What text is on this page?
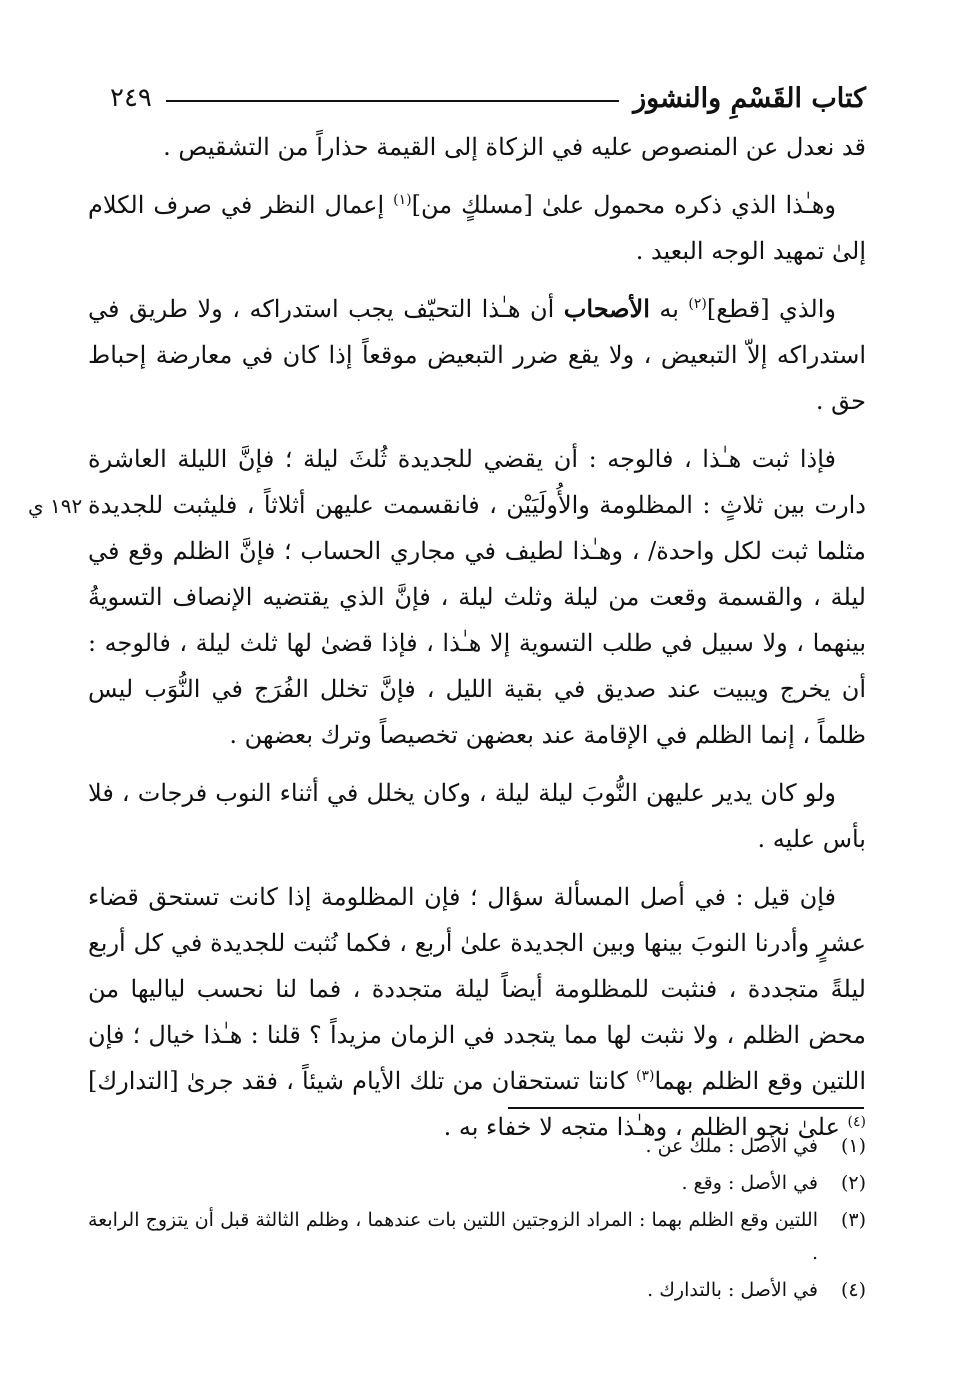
كتاب القَسْمِ والنشوز
٢٤٩
١٩٢ ي

قد نعدل عن المنصوص عليه في الزكاة إلى القيمة حذاراً من التشقيص .

وهـٰذا الذي ذكره محمول علىٰ [مسلكٍ من]$^{(١)}$ إعمال النظر في صرف الكلام إلىٰ تمهيد الوجه البعيد .

والذي [قطع]$^{(٢)}$ به الأصحاب أن هـٰذا التحيّف يجب استدراكه ، ولا طريق في استدراكه إلاّ التبعيض ، ولا يقع ضرر التبعيض موقعاً إذا كان في معارضة إحباط حق .

فإذا ثبت هـٰذا ، فالوجه : أن يقضي للجديدة ثُلثَ ليلة ؛ فإنَّ الليلة العاشرة دارت بين ثلاثٍ : المظلومة والأُولَيَيْن ، فانقسمت عليهن أثلاثاً ، فليثبت للجديدة مثلما ثبت لكل واحدة/ ، وهـٰذا لطيف في مجاري الحساب ؛ فإنَّ الظلم وقع في ليلة ، والقسمة وقعت من ليلة وثلث ليلة ، فإنَّ الذي يقتضيه الإنصاف التسويةُ بينهما ، ولا سبيل في طلب التسوية إلا هـٰذا ، فإذا قضىٰ لها ثلث ليلة ، فالوجه : أن يخرج ويبيت عند صديق في بقية الليل ، فإنَّ تخلل الفُرَج في النُّوَب ليس ظلماً ، إنما الظلم في الإقامة عند بعضهن تخصيصاً وترك بعضهن .

ولو كان يدير عليهن النُّوبَ ليلة ليلة ، وكان يخلل في أثناء النوب فرجات ، فلا بأس عليه .

فإن قيل : في أصل المسألة سؤال ؛ فإن المظلومة إذا كانت تستحق قضاء عشرٍ وأدرنا النوبَ بينها وبين الجديدة علىٰ أربع ، فكما نُثبت للجديدة في كل أربع ليلةً متجددة ، فنثبت للمظلومة أيضاً ليلة متجددة ، فما لنا نحسب لياليها من محض الظلم ، ولا نثبت لها مما يتجدد في الزمان مزيداً ؟ قلنا : هـٰذا خيال ؛ فإن اللتين وقع الظلم بهما$^{(٣)}$ كانتا تستحقان من تلك الأيام شيئاً ، فقد جرىٰ [التدارك]$^{(٤)}$ علىٰ نحو الظلم ، وهـٰذا متجه لا خفاء به .

(١)
في الأصل : ملك عن .
(٢)
في الأصل : وقع .
(٣)
اللتين وقع الظلم بهما : المراد الزوجتين اللتين بات عندهما ، وظلم الثالثة قبل أن يتزوج الرابعة .
(٤)
في الأصل : بالتدارك .
